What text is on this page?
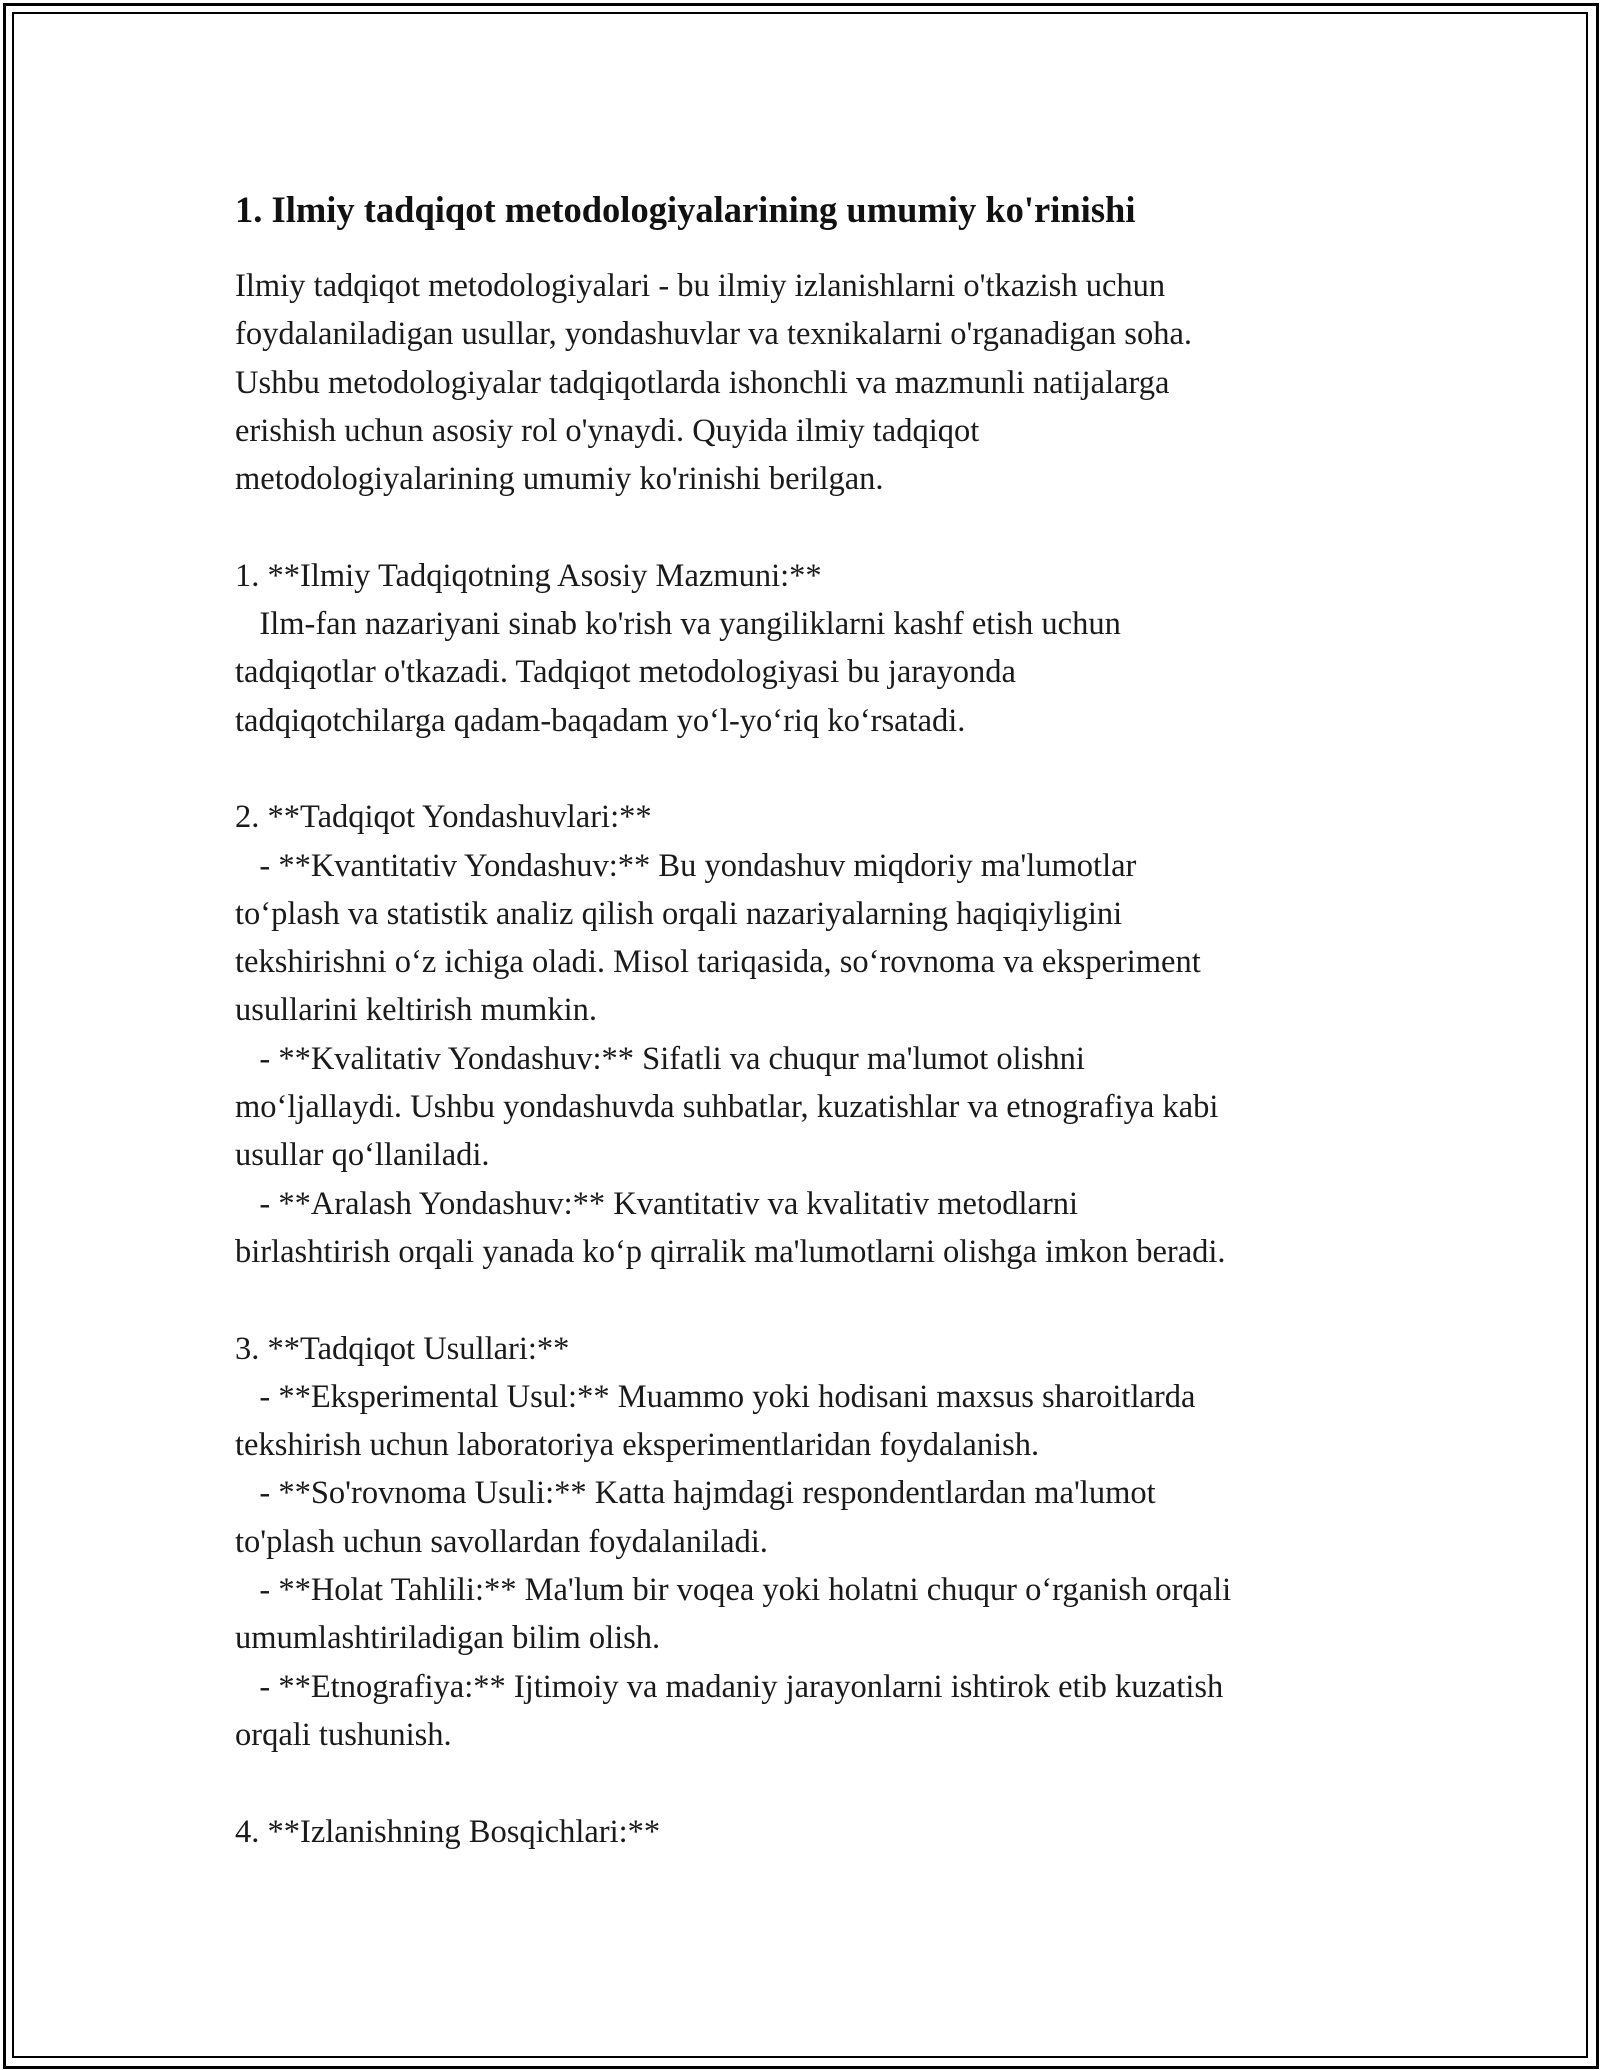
1. Ilmiy tadqiqot metodologiyalarining umumiy ko'rinishi
Ilmiy tadqiqot metodologiyalari - bu ilmiy izlanishlarni o'tkazish uchun
foydalaniladigan usullar, yondashuvlar va texnikalarni o'rganadigan soha.
Ushbu metodologiyalar tadqiqotlarda ishonchli va mazmunli natijalarga
erishish uchun asosiy rol o'ynaydi. Quyida ilmiy tadqiqot
metodologiyalarining umumiy ko'rinishi berilgan.
1. **Ilmiy Tadqiqotning Asosiy Mazmuni:**
Ilm-fan nazariyani sinab ko'rish va yangiliklarni kashf etish uchun
tadqiqotlar o'tkazadi. Tadqiqot metodologiyasi bu jarayonda
tadqiqotchilarga qadam-baqadam yo‘l-yo‘riq ko‘rsatadi.
2. **Tadqiqot Yondashuvlari:**
- **Kvantitativ Yondashuv:** Bu yondashuv miqdoriy ma'lumotlar
to‘plash va statistik analiz qilish orqali nazariyalarning haqiqiyligini
tekshirishni o‘z ichiga oladi. Misol tariqasida, so‘rovnoma va eksperiment
usullarini keltirish mumkin.
- **Kvalitativ Yondashuv:** Sifatli va chuqur ma'lumot olishni
mo‘ljallaydi. Ushbu yondashuvda suhbatlar, kuzatishlar va etnografiya kabi
usullar qo‘llaniladi.
- **Aralash Yondashuv:** Kvantitativ va kvalitativ metodlarni
birlashtirish orqali yanada ko‘p qirralik ma'lumotlarni olishga imkon beradi.
3. **Tadqiqot Usullari:**
- **Eksperimental Usul:** Muammo yoki hodisani maxsus sharoitlarda
tekshirish uchun laboratoriya eksperimentlaridan foydalanish.
- **So'rovnoma Usuli:** Katta hajmdagi respondentlardan ma'lumot
to'plash uchun savollardan foydalaniladi.
- **Holat Tahlili:** Ma'lum bir voqea yoki holatni chuqur o‘rganish orqali
umumlashtiriladigan bilim olish.
- **Etnografiya:** Ijtimoiy va madaniy jarayonlarni ishtirok etib kuzatish
orqali tushunish.
4. **Izlanishning Bosqichlari:**
